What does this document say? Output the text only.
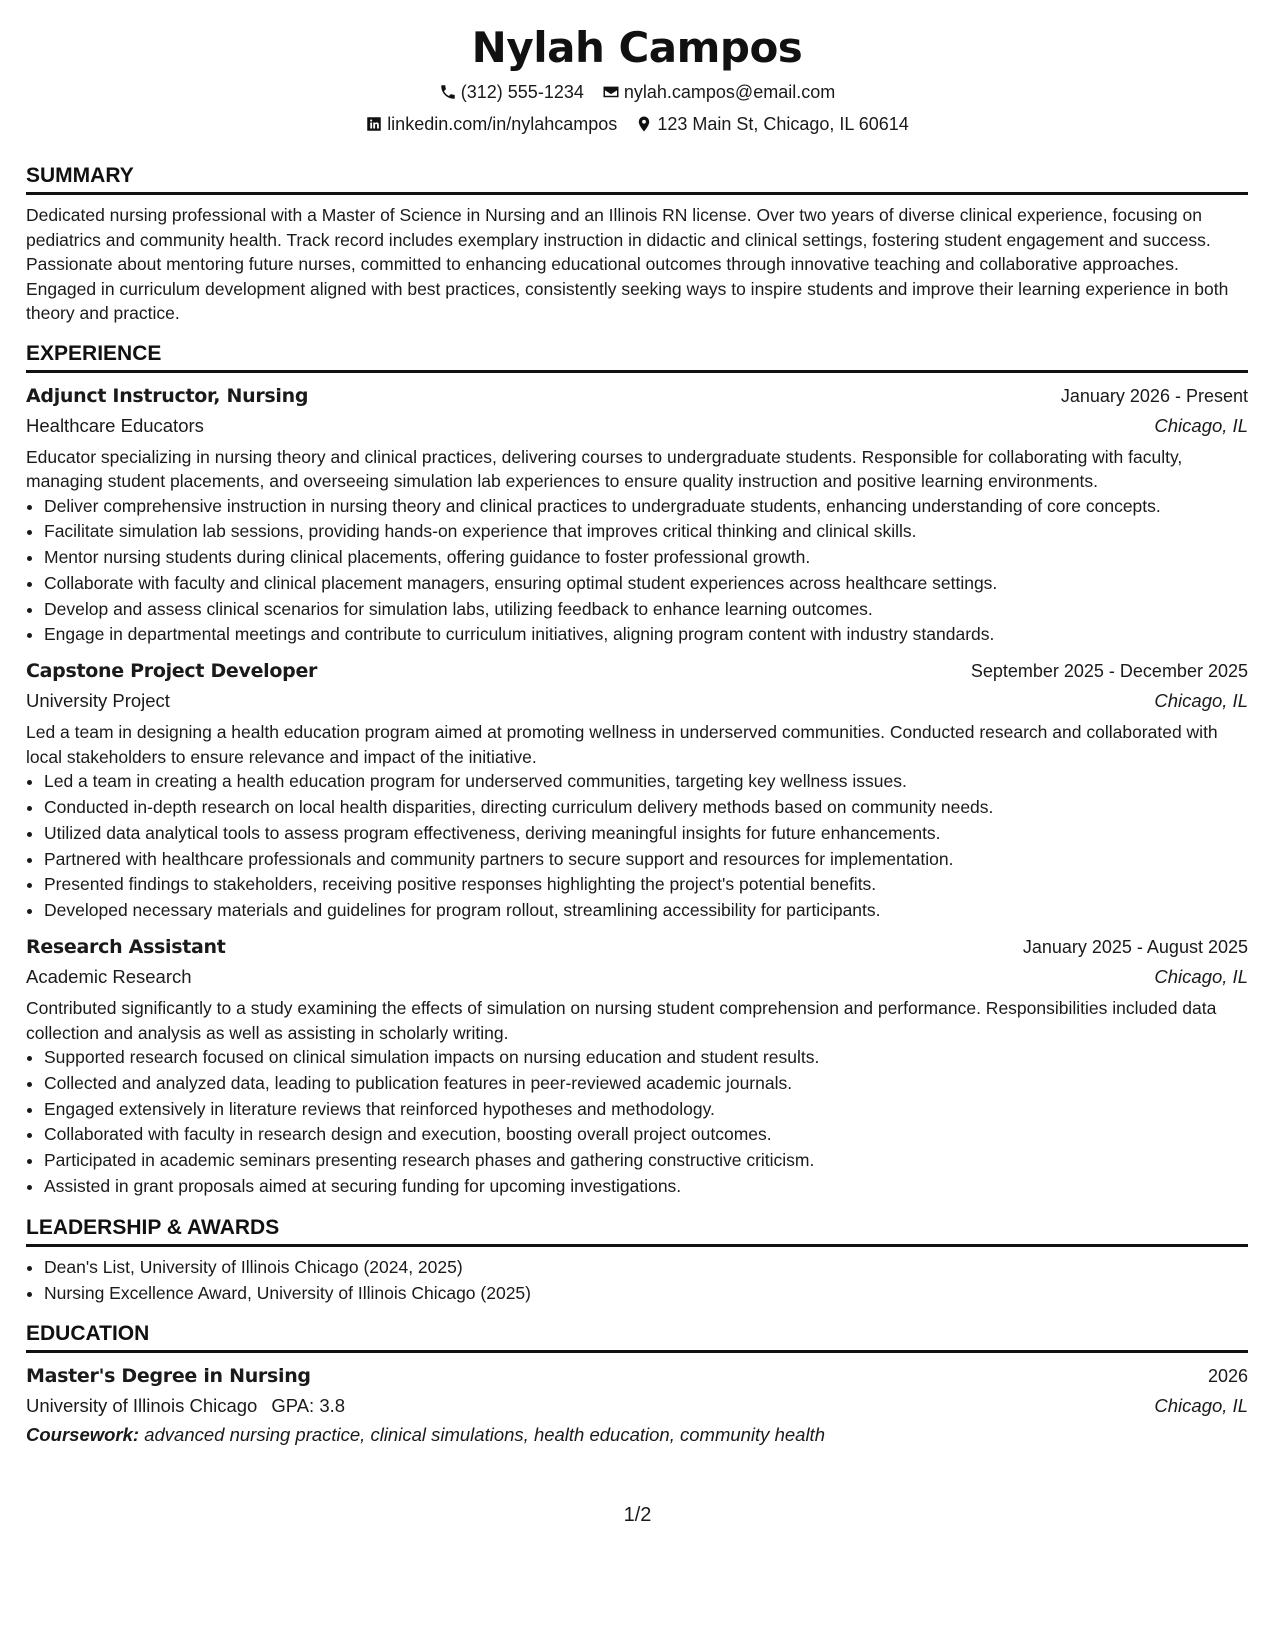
Nylah Campos
(312) 555-1234 nylah.campos@email.com
linkedin.com/in/nylahcampos 123 Main St, Chicago, IL 60614
SUMMARY

Dedicated nursing professional with a Master of Science in Nursing and an Illinois RN license. Over two years of diverse clinical experience, focusing on pediatrics and community health. Track record includes exemplary instruction in didactic and clinical settings, fostering student engagement and success. Passionate about mentoring future nurses, committed to enhancing educational outcomes through innovative teaching and collaborative approaches. Engaged in curriculum development aligned with best practices, consistently seeking ways to inspire students and improve their learning experience in both theory and practice.

EXPERIENCE
Adjunct Instructor, Nursing	January 2026 - Present
Healthcare Educators	Chicago, IL

Educator specializing in nursing theory and clinical practices, delivering courses to undergraduate students. Responsible for collaborating with faculty, managing student placements, and overseeing simulation lab experiences to ensure quality instruction and positive learning environments.

• Deliver comprehensive instruction in nursing theory and clinical practices to undergraduate students, enhancing understanding of core concepts.
• Facilitate simulation lab sessions, providing hands-on experience that improves critical thinking and clinical skills.
• Mentor nursing students during clinical placements, offering guidance to foster professional growth.
• Collaborate with faculty and clinical placement managers, ensuring optimal student experiences across healthcare settings.
• Develop and assess clinical scenarios for simulation labs, utilizing feedback to enhance learning outcomes.
• Engage in departmental meetings and contribute to curriculum initiatives, aligning program content with industry standards.
Capstone Project Developer	September 2025 - December 2025
University Project	Chicago, IL

Led a team in designing a health education program aimed at promoting wellness in underserved communities. Conducted research and collaborated with local stakeholders to ensure relevance and impact of the initiative.

• Led a team in creating a health education program for underserved communities, targeting key wellness issues.
• Conducted in-depth research on local health disparities, directing curriculum delivery methods based on community needs.
• Utilized data analytical tools to assess program effectiveness, deriving meaningful insights for future enhancements.
• Partnered with healthcare professionals and community partners to secure support and resources for implementation.
• Presented findings to stakeholders, receiving positive responses highlighting the project's potential benefits.
• Developed necessary materials and guidelines for program rollout, streamlining accessibility for participants.
Research Assistant	January 2025 - August 2025
Academic Research	Chicago, IL

Contributed significantly to a study examining the effects of simulation on nursing student comprehension and performance. Responsibilities included data collection and analysis as well as assisting in scholarly writing.

• Supported research focused on clinical simulation impacts on nursing education and student results.
• Collected and analyzed data, leading to publication features in peer-reviewed academic journals.
• Engaged extensively in literature reviews that reinforced hypotheses and methodology.
• Collaborated with faculty in research design and execution, boosting overall project outcomes.
• Participated in academic seminars presenting research phases and gathering constructive criticism.
• Assisted in grant proposals aimed at securing funding for upcoming investigations.
LEADERSHIP & AWARDS
• Dean's List, University of Illinois Chicago (2024, 2025)
• Nursing Excellence Award, University of Illinois Chicago (2025)
EDUCATION
Master's Degree in Nursing	2026
University of Illinois Chicago GPA: 3.8	Chicago, IL
Coursework: advanced nursing practice, clinical simulations, health education, community health
1/2
